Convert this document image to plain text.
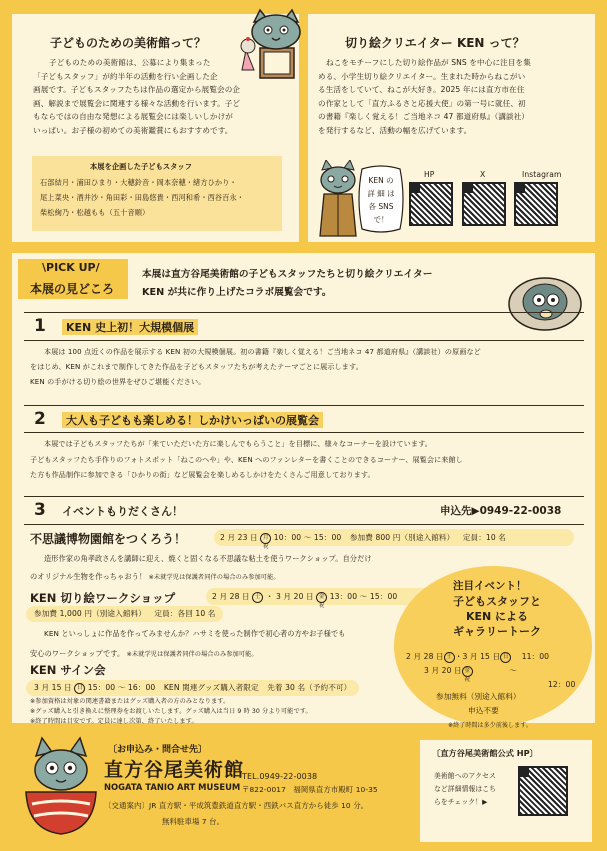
子どものための美術館って？
子どものための美術館は、公募により集まった
「子どもスタッフ」が約半年の活動を行い企画した企
画展です。子どもスタッフたちは作品の選定から展覧会の企
画、解説まで展覧会に関連する様々な活動を行います。子ど
もならではの自由な発想による展覧会には楽しいしかけが
いっぱい。お子様の初めての美術鑑賞にもおすすめです。
本展を企画した子どもスタッフ
石部結月・浦田ひまり・大穂鈴音・岡本奈穂・緒方ひかり・
尾上菜央・酒井沙・角田彩・田島悠貴・西河和希・西谷百永・
柴松絢乃・松越もも（五十音順）
切り絵クリエイター KEN って？
ねこをモチーフにした切り絵作品が SNS を中心に注目を集
める、小学生切り絵クリエイター。生まれた時からねこがい
る生活をしていて、ねこが大好き。2025 年には直方市在住
の作家として「直方ふるさと応援大使」の第一号に就任、初
の書籍『楽しく覚える！ご当地ネコ 47 都道府県』（講談社）
を発行するなど、活動の幅を広げています。
KEN の
詳 細 は
各 SNS
で！
HP	X	Instagram
\PICK UP/
本展の見どころ
本展は直方谷尾美術館の子どもスタッフたちと切り絵クリエイター
KEN が共に作り上げたコラボ展覧会です。
1	KEN 史上初！大規模個展
本展は 100 点近くの作品を展示する KEN 初の大規模個展。初の書籍『楽しく覚える！ご当地ネコ 47 都道府県』（講談社）の原画など
をはじめ、KEN がこれまで制作してきた作品を子どもスタッフたちが考えたテーマごとに展示します。
KEN の手がける切り絵の世界をぜひご堪能ください。
2	大人も子どもも楽しめる！しかけいっぱいの展覧会
本展では子どもスタッフたちが「来ていただいた方に楽しんでもらうこと」を目標に、様々なコーナーを設けています。
子どもスタッフたち手作りのフォトスポット「ねこのへや」や、KEN へのファンレターを書くことのできるコーナー、展覧会に来館し
た方も作品制作に参加できる「ひかりの街」など展覧会を楽しめるしかけをたくさんご用意しております。
3 イベントもりだくさん！	申込先▶0949-22-0038
不思議博物園館をつくろう！	2 月 23 日 月祝 10：00 ～ 15：00 参加費 800 円（別途入館料） 定員：10 名
造形作家の角孝政さんを講師に迎え、焼くと固くなる不思議な粘土を使うワークショップ。自分だけ
のオリジナル生物を作っちゃおう！ ※未就学児は保護者同伴の場合のみ参加可能。
KEN 切り絵ワークショップ	2 月 28 日 土 ・ 3 月 20 日 金祝 13：00 ～ 15：00
参加費 1,000 円（別途入館料） 定員：各回 10 名
KEN といっしょに作品を作ってみませんか？ハサミを使った制作で初心者の方やお子様でも
安心のワークショップです。 ※未就学児は保護者同伴の場合のみ参加可能。
KEN サイン会
3 月 15 日 日 15：00 ～ 16：00 KEN 関連グッズ購入者限定 先着 30 名（予約不可）
※参加資格は対象の関連書籍またはグッズ購入者の方のみとなります。
※グッズ購入と引き換えに整理券をお渡しいたします。グッズ購入は当日 9 時 30 分より可能です。
※終了時間は目安です。定員に達し次第、終了いたします。
注目イベント！
子どもスタッフと
KEN による
ギャラリートーク
2 月 28 日 土 ・3 月 15 日 日 11：00
3 月 20 日 金祝 ～
12：00
参加無料（別途入館料）
申込不要
※終了時間は多少前後します。
〔お申込み・問合せ先〕
直方谷尾美術館
TEL.0949-22-0038
NOGATA TANIO ART MUSEUM 〒822-0017　福岡県直方市殿町 10-35
〔交通案内〕JR 直方駅・平成筑豊鉄道直方駅・西鉄バス直方から徒歩 10 分。
無料駐車場 7 台。
〔直方谷尾美術館公式 HP〕
美術館へのアクセス
など詳細情報はこち
らをチェック！▶
